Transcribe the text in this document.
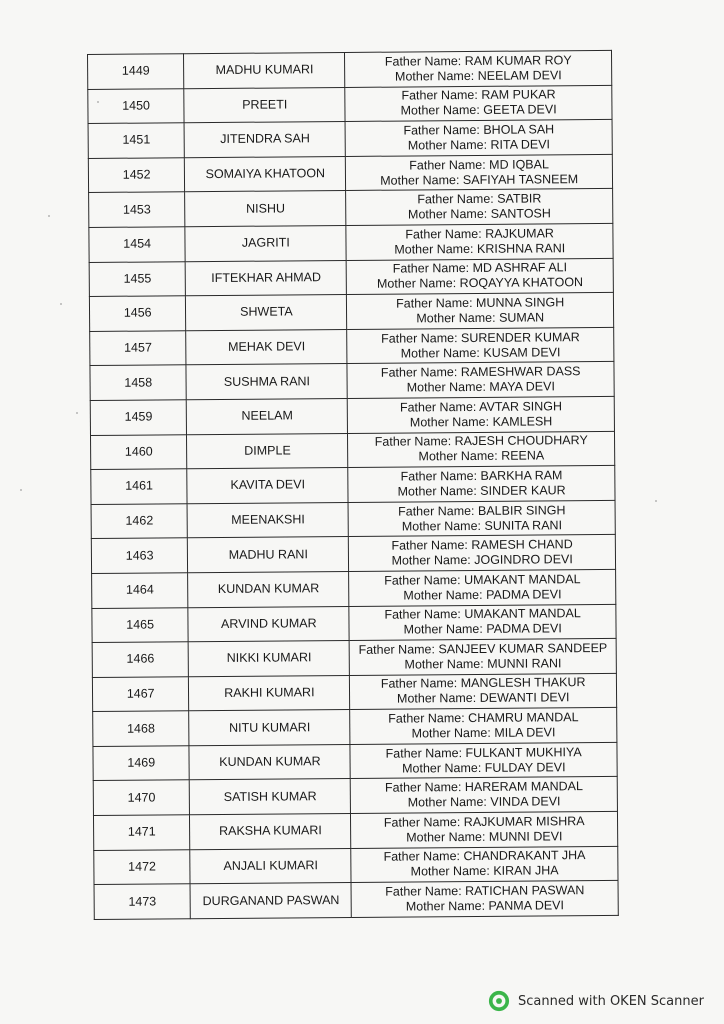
1449	MADHU KUMARI	Father Name: RAM KUMAR ROY
Mother Name: NEELAM DEVI

1450	PREETI	Father Name: RAM PUKAR
Mother Name: GEETA DEVI

1451	JITENDRA SAH	Father Name: BHOLA SAH
Mother Name: RITA DEVI

1452	SOMAIYA KHATOON	Father Name: MD IQBAL
Mother Name: SAFIYAH TASNEEM

1453	NISHU	Father Name: SATBIR
Mother Name: SANTOSH

1454	JAGRITI	Father Name: RAJKUMAR
Mother Name: KRISHNA RANI

1455	IFTEKHAR AHMAD	Father Name: MD ASHRAF ALI
Mother Name: ROQAYYA KHATOON

1456	SHWETA	Father Name: MUNNA SINGH
Mother Name: SUMAN

1457	MEHAK DEVI	Father Name: SURENDER KUMAR
Mother Name: KUSAM DEVI

1458	SUSHMA RANI	Father Name: RAMESHWAR DASS
Mother Name: MAYA DEVI

1459	NEELAM	Father Name: AVTAR SINGH
Mother Name: KAMLESH

1460	DIMPLE	Father Name: RAJESH CHOUDHARY
Mother Name: REENA

1461	KAVITA DEVI	Father Name: BARKHA RAM
Mother Name: SINDER KAUR

1462	MEENAKSHI	Father Name: BALBIR SINGH
Mother Name: SUNITA RANI

1463	MADHU RANI	Father Name: RAMESH CHAND
Mother Name: JOGINDRO DEVI

1464	KUNDAN KUMAR	Father Name: UMAKANT MANDAL
Mother Name: PADMA DEVI

1465	ARVIND KUMAR	Father Name: UMAKANT MANDAL
Mother Name: PADMA DEVI

1466	NIKKI KUMARI	Father Name: SANJEEV KUMAR SANDEEP
Mother Name: MUNNI RANI

1467	RAKHI KUMARI	Father Name: MANGLESH THAKUR
Mother Name: DEWANTI DEVI

1468	NITU KUMARI	Father Name: CHAMRU MANDAL
Mother Name: MILA DEVI

1469	KUNDAN KUMAR	Father Name: FULKANT MUKHIYA
Mother Name: FULDAY DEVI

1470	SATISH KUMAR	Father Name: HARERAM MANDAL
Mother Name: VINDA DEVI

1471	RAKSHA KUMARI	Father Name: RAJKUMAR MISHRA
Mother Name: MUNNI DEVI

1472	ANJALI KUMARI	Father Name: CHANDRAKANT JHA
Mother Name: KIRAN JHA

1473	DURGANAND PASWAN	Father Name: RATICHAN PASWAN
Mother Name: PANMA DEVI
Scanned with OKEN Scanner
